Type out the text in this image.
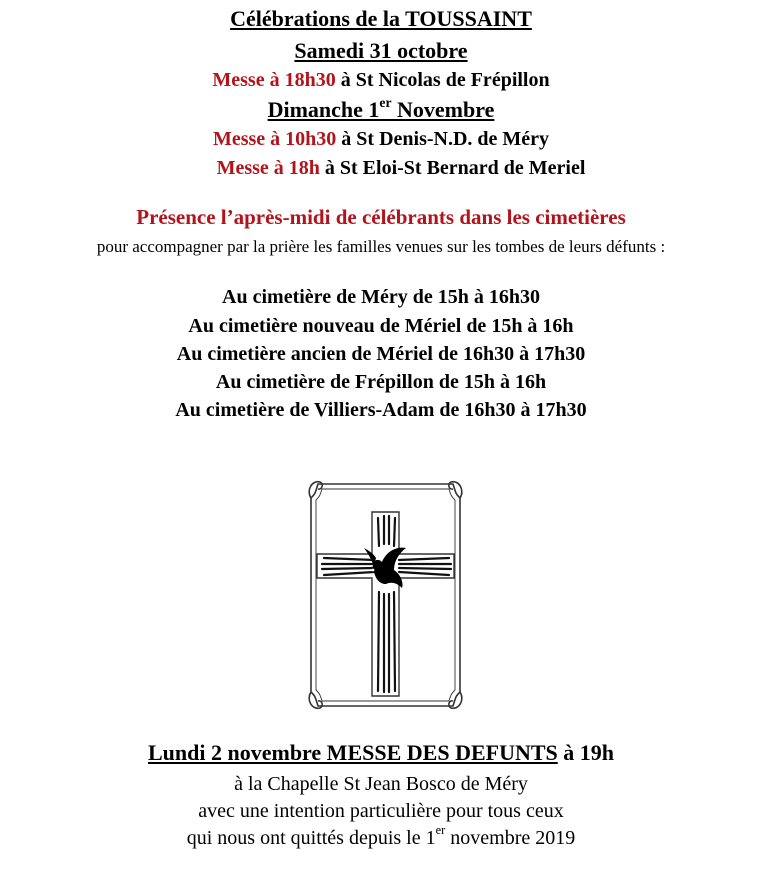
Célébrations de la TOUSSAINT
Samedi 31 octobre
Messe à 18h30 à St Nicolas de Frépillon
Dimanche 1er Novembre
Messe à 10h30 à St Denis-N.D. de Méry
Messe à 18h à St Eloi-St Bernard de Meriel
Présence l’après-midi de célébrants dans les cimetières
pour accompagner par la prière les familles venues sur les tombes de leurs défunts :
Au cimetière de Méry de 15h à 16h30
Au cimetière nouveau de Mériel de 15h à 16h
Au cimetière ancien de Mériel de 16h30 à 17h30
Au cimetière de Frépillon de 15h à 16h
Au cimetière de Villiers-Adam de 16h30 à 17h30
Lundi 2 novembre MESSE DES DEFUNTS à 19h
à la Chapelle St Jean Bosco de Méry
avec une intention particulière pour tous ceux
qui nous ont quittés depuis le 1er novembre 2019
